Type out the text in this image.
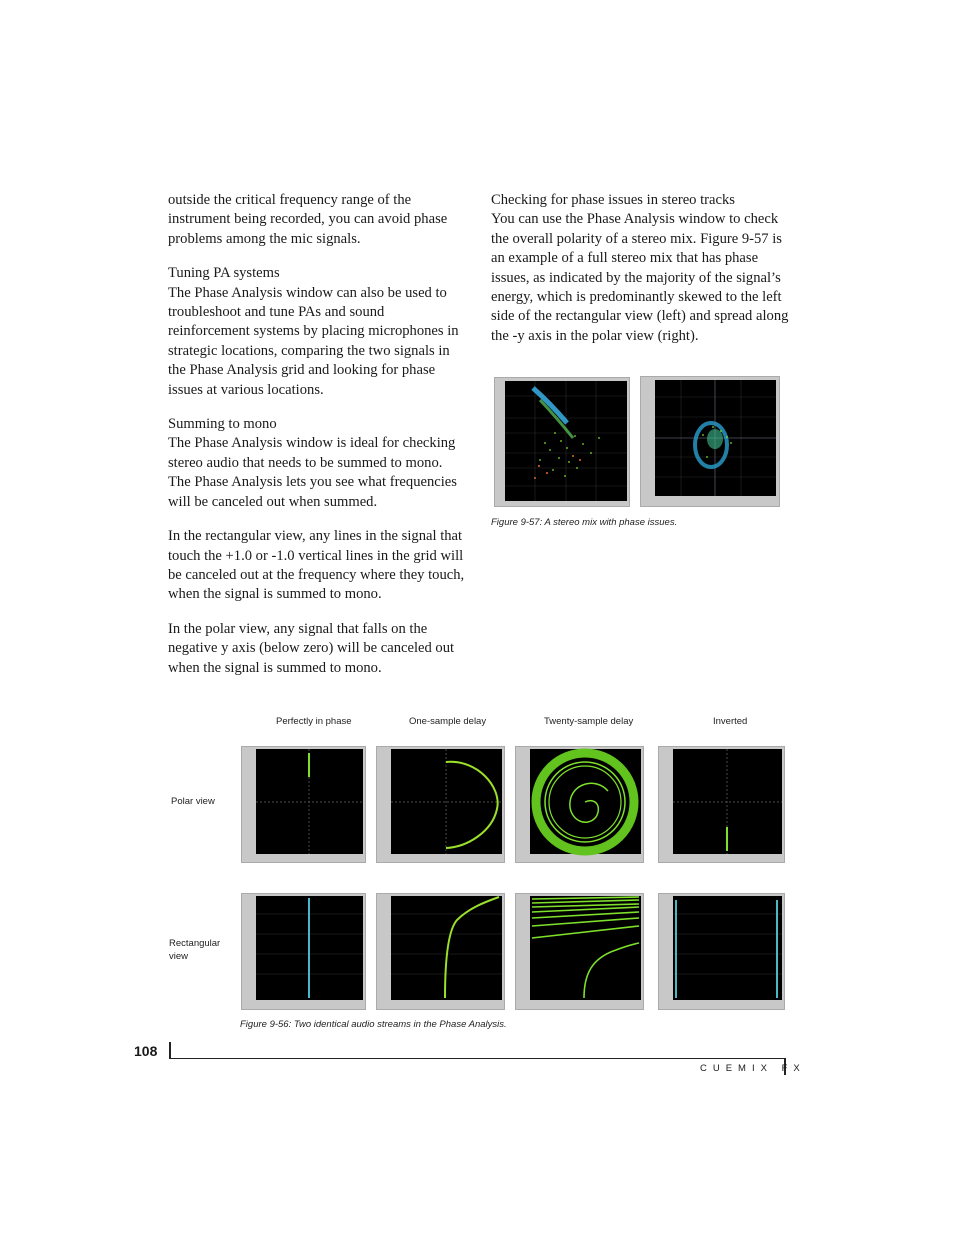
outside the critical frequency range of the instrument being recorded, you can avoid phase problems among the mic signals.

Tuning PA systems

The Phase Analysis window can also be used to troubleshoot and tune PAs and sound reinforcement systems by placing microphones in strategic locations, comparing the two signals in the Phase Analysis grid and looking for phase issues at various locations.

Summing to mono

The Phase Analysis window is ideal for checking stereo audio that needs to be summed to mono. The Phase Analysis lets you see what frequencies will be canceled out when summed.

In the rectangular view, any lines in the signal that touch the +1.0 or -1.0 vertical lines in the grid will be canceled out at the frequency where they touch, when the signal is summed to mono.

In the polar view, any signal that falls on the negative y axis (below zero) will be canceled out when the signal is summed to mono.

Checking for phase issues in stereo tracks

You can use the Phase Analysis window to check the overall polarity of a stereo mix. Figure 9-57 is an example of a full stereo mix that has phase issues, as indicated by the majority of the signal’s energy, which is predominantly skewed to the left side of the rectangular view (left) and spread along the -y axis in the polar view (right).

Figure 9-57: A stereo mix with phase issues.
Perfectly in phase	One-sample delay	Twenty-sample delay	Inverted
Polar view
Rectangular view
Figure 9-56: Two identical audio streams in the Phase Analysis.
108
CUEMIX FX
